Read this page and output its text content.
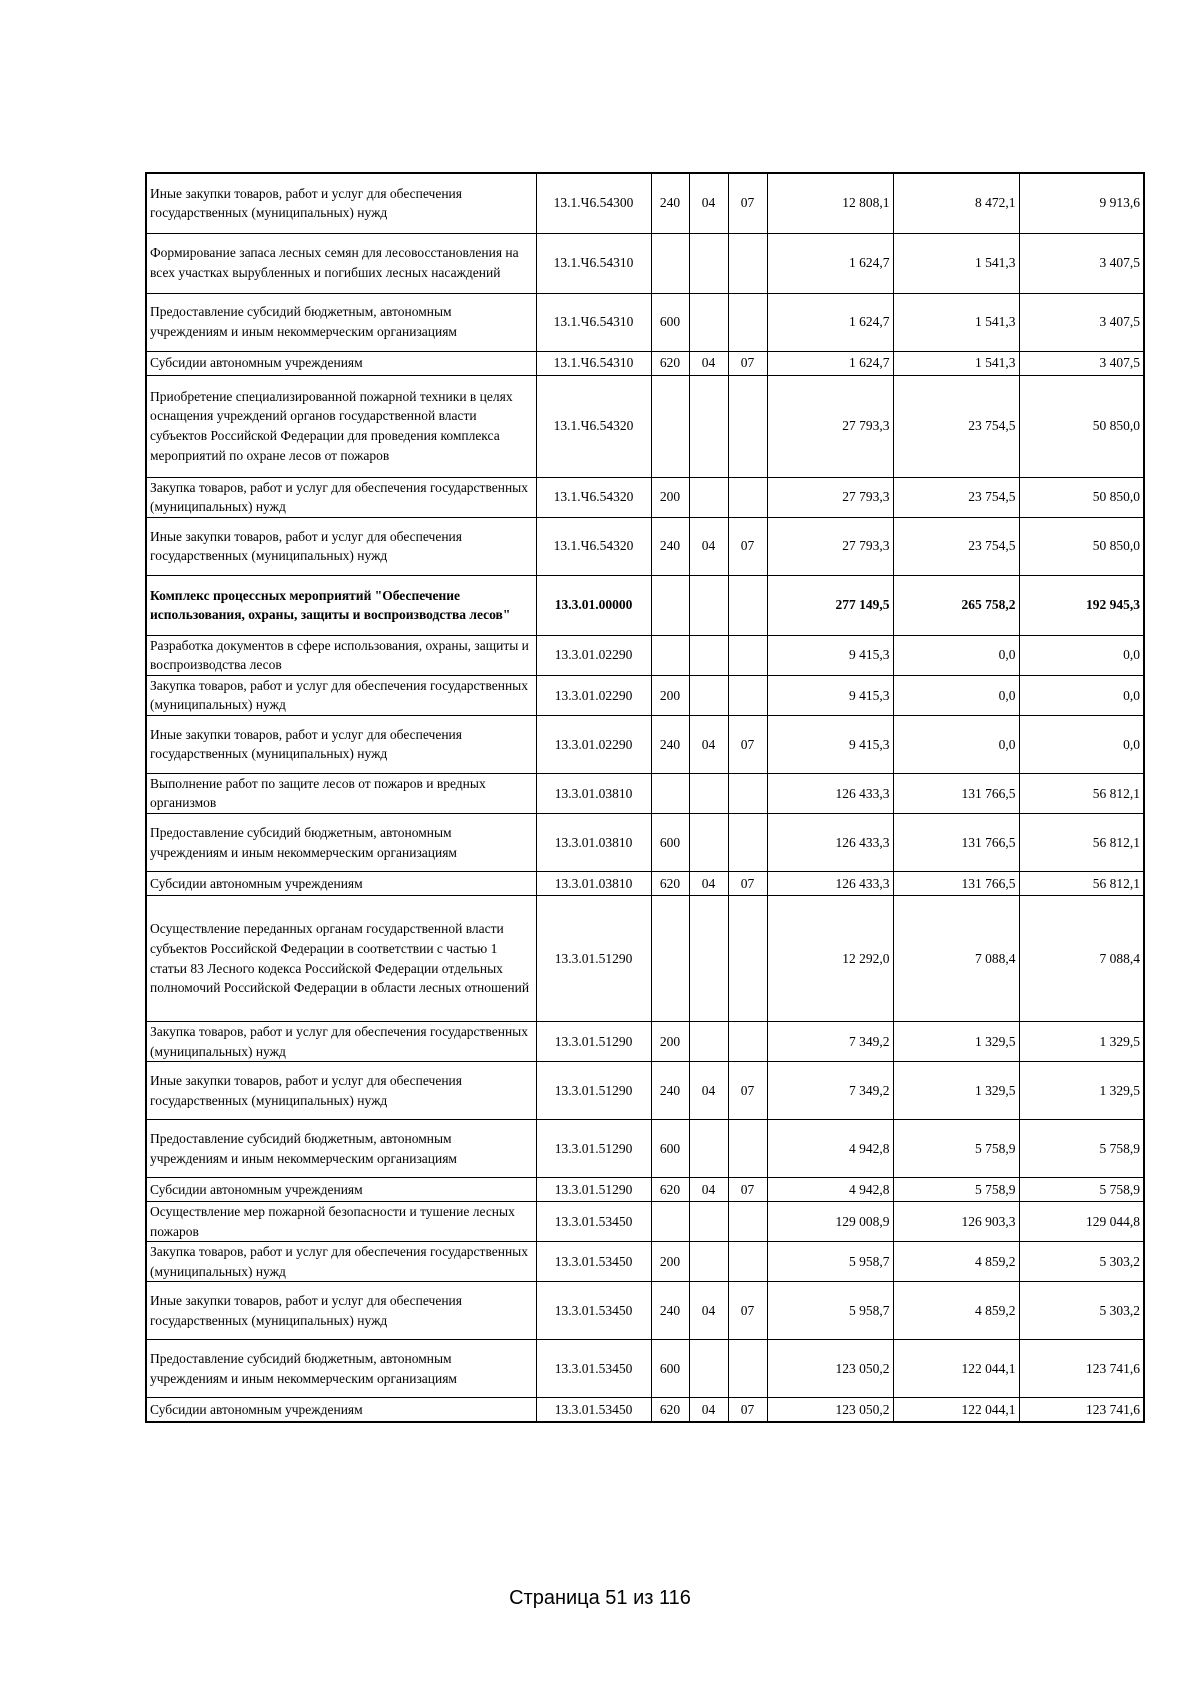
Иные закупки товаров, работ и услуг для обеспечения государственных (муниципальных) нужд	13.1.Ч6.54300	240	04	07	12 808,1	8 472,1	9 913,6
Формирование запаса лесных семян для лесовосстановления на всех участках вырубленных и погибших лесных насаждений	13.1.Ч6.54310				1 624,7	1 541,3	3 407,5
Предоставление субсидий бюджетным, автономным учреждениям и иным некоммерческим организациям	13.1.Ч6.54310	600			1 624,7	1 541,3	3 407,5
Субсидии автономным учреждениям	13.1.Ч6.54310	620	04	07	1 624,7	1 541,3	3 407,5
Приобретение специализированной пожарной техники в целях оснащения учреждений органов государственной власти субъектов Российской Федерации для проведения комплекса мероприятий по охране лесов от пожаров	13.1.Ч6.54320				27 793,3	23 754,5	50 850,0
Закупка товаров, работ и услуг для обеспечения государственных (муниципальных) нужд	13.1.Ч6.54320	200			27 793,3	23 754,5	50 850,0
Иные закупки товаров, работ и услуг для обеспечения государственных (муниципальных) нужд	13.1.Ч6.54320	240	04	07	27 793,3	23 754,5	50 850,0
Комплекс процессных мероприятий "Обеспечение использования, охраны, защиты и воспроизводства лесов"	13.3.01.00000				277 149,5	265 758,2	192 945,3
Разработка документов в сфере использования, охраны, защиты и воспроизводства лесов	13.3.01.02290				9 415,3	0,0	0,0
Закупка товаров, работ и услуг для обеспечения государственных (муниципальных) нужд	13.3.01.02290	200			9 415,3	0,0	0,0
Иные закупки товаров, работ и услуг для обеспечения государственных (муниципальных) нужд	13.3.01.02290	240	04	07	9 415,3	0,0	0,0
Выполнение работ по защите лесов от пожаров и вредных организмов	13.3.01.03810				126 433,3	131 766,5	56 812,1
Предоставление субсидий бюджетным, автономным учреждениям и иным некоммерческим организациям	13.3.01.03810	600			126 433,3	131 766,5	56 812,1
Субсидии автономным учреждениям	13.3.01.03810	620	04	07	126 433,3	131 766,5	56 812,1
Осуществление переданных органам государственной власти субъектов Российской Федерации в соответствии с частью 1 статьи 83 Лесного кодекса Российской Федерации отдельных полномочий Российской Федерации в области лесных отношений	13.3.01.51290				12 292,0	7 088,4	7 088,4
Закупка товаров, работ и услуг для обеспечения государственных (муниципальных) нужд	13.3.01.51290	200			7 349,2	1 329,5	1 329,5
Иные закупки товаров, работ и услуг для обеспечения государственных (муниципальных) нужд	13.3.01.51290	240	04	07	7 349,2	1 329,5	1 329,5
Предоставление субсидий бюджетным, автономным учреждениям и иным некоммерческим организациям	13.3.01.51290	600			4 942,8	5 758,9	5 758,9
Субсидии автономным учреждениям	13.3.01.51290	620	04	07	4 942,8	5 758,9	5 758,9
Осуществление мер пожарной безопасности и тушение лесных пожаров	13.3.01.53450				129 008,9	126 903,3	129 044,8
Закупка товаров, работ и услуг для обеспечения государственных (муниципальных) нужд	13.3.01.53450	200			5 958,7	4 859,2	5 303,2
Иные закупки товаров, работ и услуг для обеспечения государственных (муниципальных) нужд	13.3.01.53450	240	04	07	5 958,7	4 859,2	5 303,2
Предоставление субсидий бюджетным, автономным учреждениям и иным некоммерческим организациям	13.3.01.53450	600			123 050,2	122 044,1	123 741,6
Субсидии автономным учреждениям	13.3.01.53450	620	04	07	123 050,2	122 044,1	123 741,6
Страница 51 из 116
